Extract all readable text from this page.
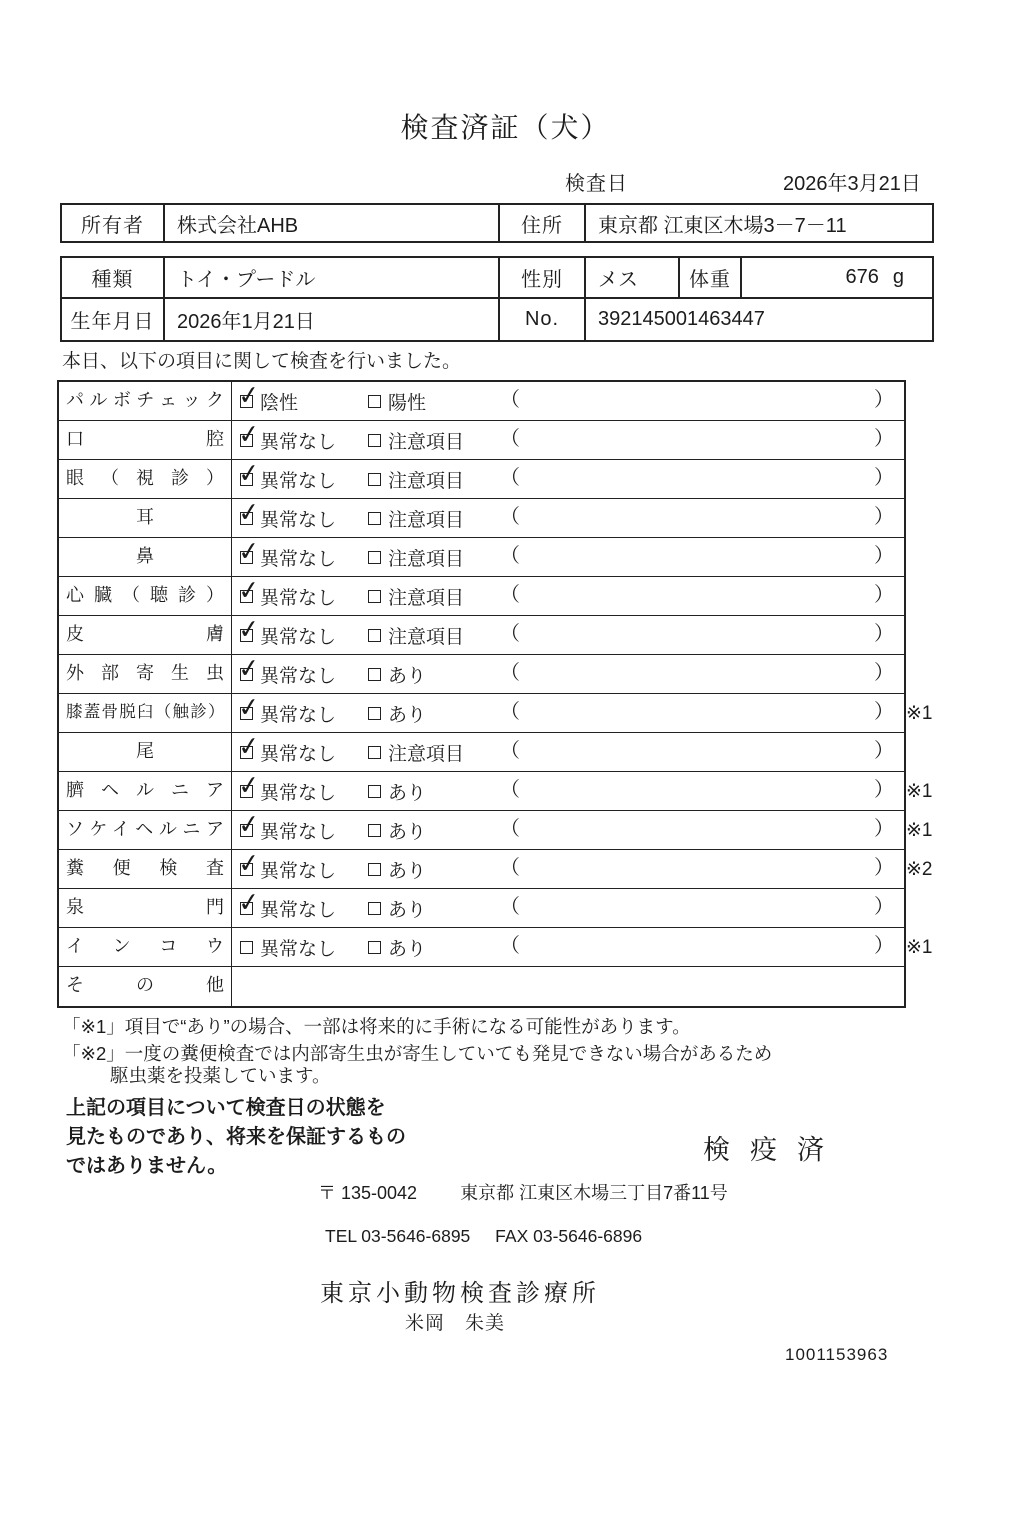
検査済証（犬）
検査日	2026年3月21日
所有者	株式会社AHB	住所	東京都 江東区木場3－7－11
種類	トイ・プードル	性別	メス	体重	676 g
生年月日	2026年1月21日	No.	392145001463447
本日、以下の項目に関して検査を行いました。
パルボチェック ✓	陰性	陽性	（	）
口腔 ✓	異常なし	注意項目 （	）
眼（視診） ✓	異常なし	注意項目 （	）
耳 ✓	異常なし	注意項目 （	）
鼻 ✓	異常なし	注意項目 （	）
心臓（聴診） ✓	異常なし	注意項目 （	）
皮膚 ✓	異常なし	注意項目 （	）
外部寄生虫 ✓	異常なし	あり	（	）
膝蓋骨脱臼（触診） ✓	異常なし	あり	（	） ※1
尾 ✓	異常なし	注意項目 （	）
臍ヘルニア ✓	異常なし	あり	（	） ※1
ソケイヘルニア ✓	異常なし	あり	（	） ※1
糞便検査 ✓	異常なし	あり	（	） ※2
泉門 ✓	異常なし	あり	（	）
インコウ	異常なし	あり	（	） ※1
その他
「※1」項目で“あり”の場合、一部は将来的に手術になる可能性があります。
「※2」一度の糞便検査では内部寄生虫が寄生していても発見できない場合があるため
駆虫薬を投薬しています。
上記の項目について検査日の状態を
見たものであり、将来を保証するもの
ではありません。
検疫済
〒 135-0042 東京都 江東区木場三丁目7番11号
TEL 03-5646-6895 FAX 03-5646-6896
東京小動物検査診療所
米岡　朱美
1001153963
